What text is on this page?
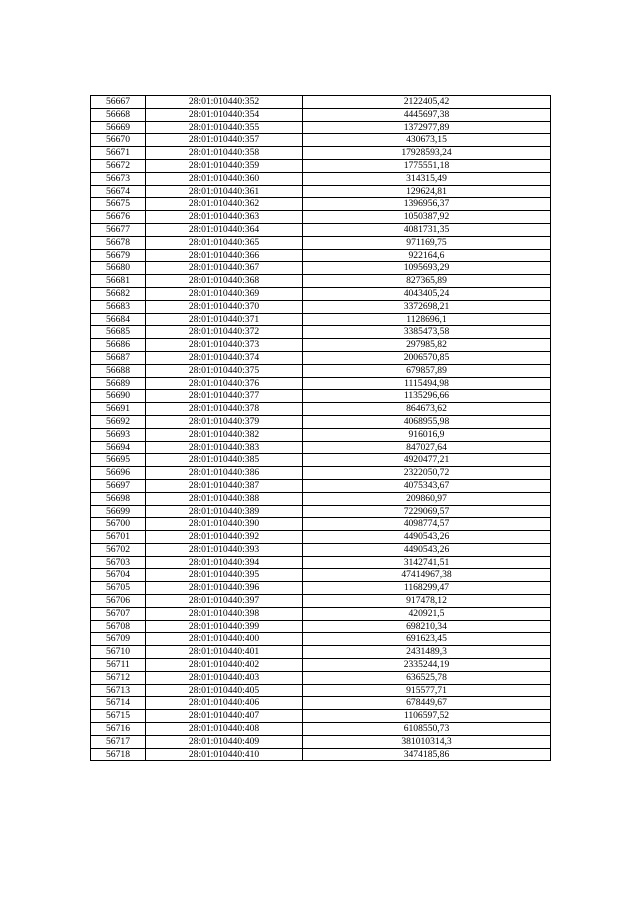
56667	28:01:010440:352	2122405,42
56668	28:01:010440:354	4445697,38
56669	28:01:010440:355	1372977,89
56670	28:01:010440:357	430673,15
56671	28:01:010440:358	17928593,24
56672	28:01:010440:359	1775551,18
56673	28:01:010440:360	314315,49
56674	28:01:010440:361	129624,81
56675	28:01:010440:362	1396956,37
56676	28:01:010440:363	1050387,92
56677	28:01:010440:364	4081731,35
56678	28:01:010440:365	971169,75
56679	28:01:010440:366	922164,6
56680	28:01:010440:367	1095693,29
56681	28:01:010440:368	827365,89
56682	28:01:010440:369	4043405,24
56683	28:01:010440:370	3372698,21
56684	28:01:010440:371	1128696,1
56685	28:01:010440:372	3385473,58
56686	28:01:010440:373	297985,82
56687	28:01:010440:374	2006570,85
56688	28:01:010440:375	679857,89
56689	28:01:010440:376	1115494,98
56690	28:01:010440:377	1135296,66
56691	28:01:010440:378	864673,62
56692	28:01:010440:379	4068955,98
56693	28:01:010440:382	916016,9
56694	28:01:010440:383	847027,64
56695	28:01:010440:385	4920477,21
56696	28:01:010440:386	2322050,72
56697	28:01:010440:387	4075343,67
56698	28:01:010440:388	209860,97
56699	28:01:010440:389	7229069,57
56700	28:01:010440:390	4098774,57
56701	28:01:010440:392	4490543,26
56702	28:01:010440:393	4490543,26
56703	28:01:010440:394	3142741,51
56704	28:01:010440:395	47414967,38
56705	28:01:010440:396	1168299,47
56706	28:01:010440:397	917478,12
56707	28:01:010440:398	420921,5
56708	28:01:010440:399	698210,34
56709	28:01:010440:400	691623,45
56710	28:01:010440:401	2431489,3
56711	28:01:010440:402	2335244,19
56712	28:01:010440:403	636525,78
56713	28:01:010440:405	915577,71
56714	28:01:010440:406	678449,67
56715	28:01:010440:407	1106597,52
56716	28:01:010440:408	6108550,73
56717	28:01:010440:409	381010314,3
56718	28:01:010440:410	3474185,86
